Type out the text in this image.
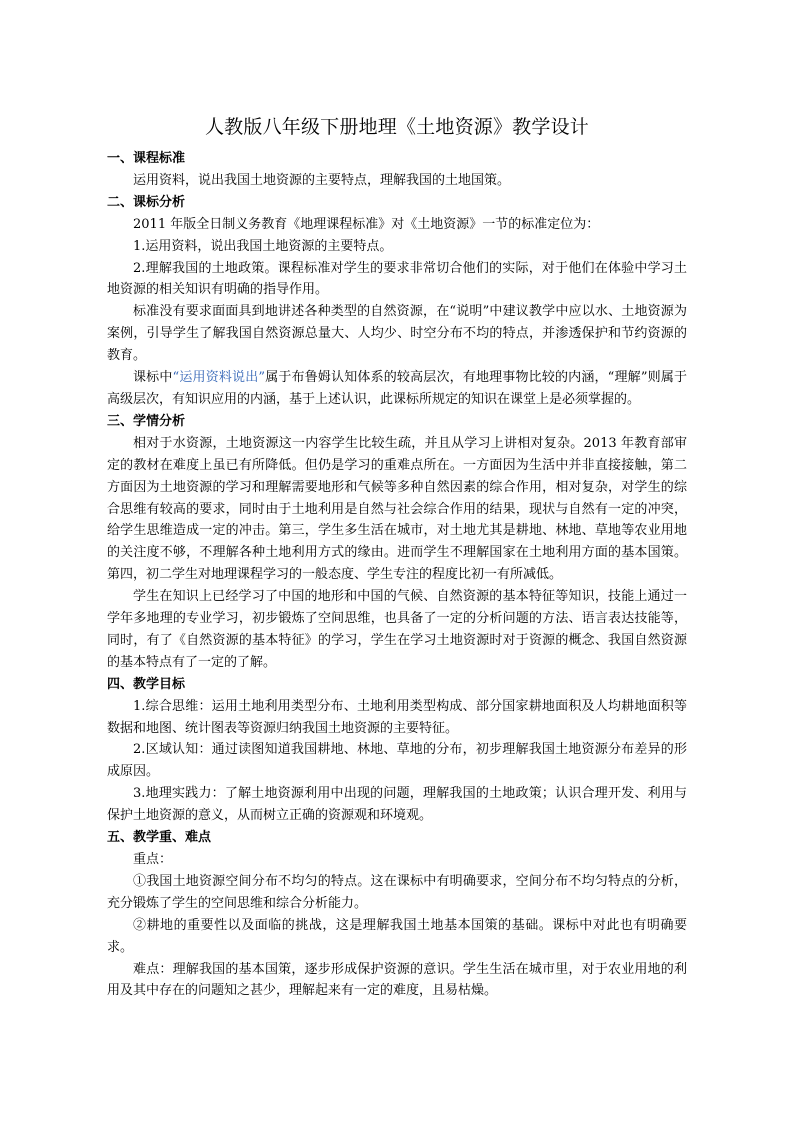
人教版八年级下册地理《土地资源》教学设计
一、课程标准
运用资料，说出我国土地资源的主要特点，理解我国的土地国策。
二、课标分析
2011 年版全日制义务教育《地理课程标准》对《土地资源》一节的标准定位为：
1.运用资料，说出我国土地资源的主要特点。
2.理解我国的土地政策。课程标准对学生的要求非常切合他们的实际，对于他们在体验中学习土地资源的相关知识有明确的指导作用。
标准没有要求面面具到地讲述各种类型的自然资源，在“说明”中建议教学中应以水、土地资源为案例，引导学生了解我国自然资源总量大、人均少、时空分布不均的特点，并渗透保护和节约资源的教育。
课标中“运用资料说出”属于布鲁姆认知体系的较高层次，有地理事物比较的内涵，“理解”则属于高级层次，有知识应用的内涵，基于上述认识，此课标所规定的知识在课堂上是必须掌握的。
三、学情分析
相对于水资源，土地资源这一内容学生比较生疏，并且从学习上讲相对复杂。2013 年教育部审定的教材在难度上虽已有所降低。但仍是学习的重难点所在。一方面因为生活中并非直接接触，第二方面因为土地资源的学习和理解需要地形和气候等多种自然因素的综合作用，相对复杂，对学生的综合思维有较高的要求，同时由于土地利用是自然与社会综合作用的结果，现状与自然有一定的冲突，给学生思维造成一定的冲击。第三，学生多生活在城市，对土地尤其是耕地、林地、草地等农业用地的关注度不够，不理解各种土地利用方式的缘由。进而学生不理解国家在土地利用方面的基本国策。第四，初二学生对地理课程学习的一般态度、学生专注的程度比初一有所减低。
学生在知识上已经学习了中国的地形和中国的气候、自然资源的基本特征等知识，技能上通过一学年多地理的专业学习，初步锻炼了空间思维，也具备了一定的分析问题的方法、语言表达技能等，同时，有了《自然资源的基本特征》的学习，学生在学习土地资源时对于资源的概念、我国自然资源的基本特点有了一定的了解。
四、教学目标
1.综合思维：运用土地利用类型分布、土地利用类型构成、部分国家耕地面积及人均耕地面积等数据和地图、统计图表等资源归纳我国土地资源的主要特征。
2.区域认知：通过读图知道我国耕地、林地、草地的分布，初步理解我国土地资源分布差异的形成原因。
3.地理实践力：了解土地资源利用中出现的问题，理解我国的土地政策；认识合理开发、利用与保护土地资源的意义，从而树立正确的资源观和环境观。
五、教学重、难点
重点：
①我国土地资源空间分布不均匀的特点。这在课标中有明确要求，空间分布不均匀特点的分析，充分锻炼了学生的空间思维和综合分析能力。
②耕地的重要性以及面临的挑战，这是理解我国土地基本国策的基础。课标中对此也有明确要求。
难点：理解我国的基本国策，逐步形成保护资源的意识。学生生活在城市里，对于农业用地的利用及其中存在的问题知之甚少，理解起来有一定的难度，且易枯燥。
